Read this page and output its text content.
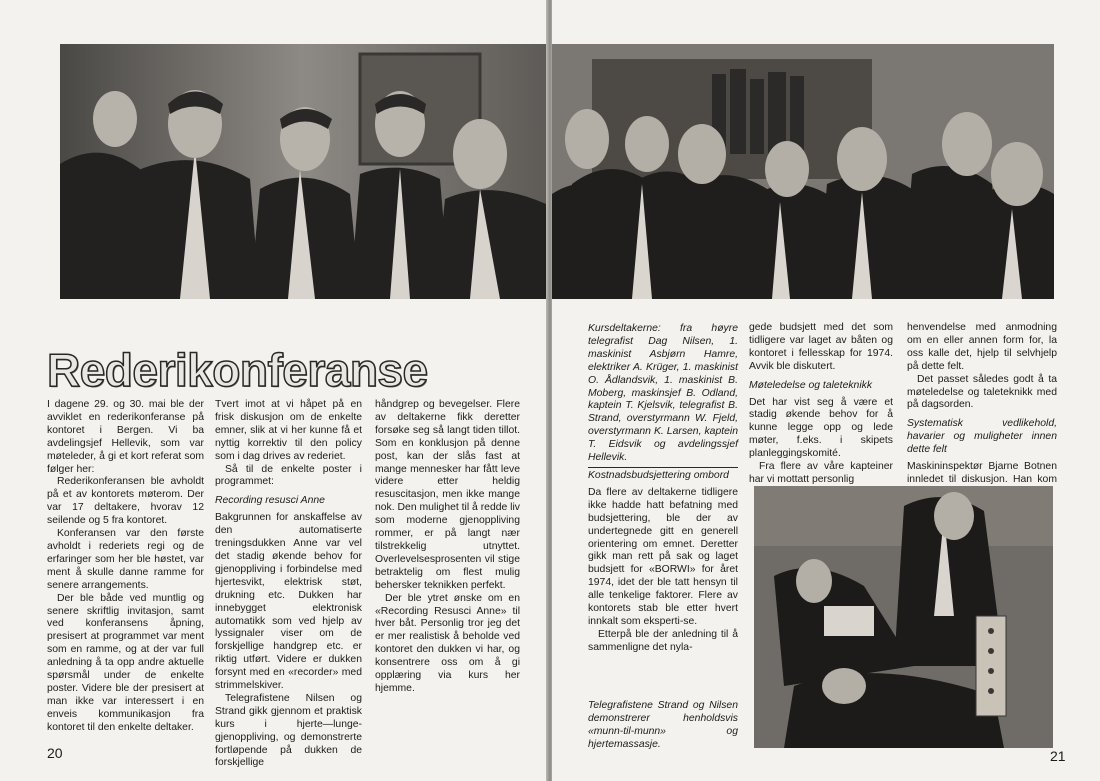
Rederikonferanse

I dagene 29. og 30. mai ble der avviklet en rederikonferanse på kontoret i Bergen. Vi ba avdelingsjef Hellevik, som var møteleder, å gi et kort referat som følger her:

Rederikonferansen ble avholdt på et av kontorets møterom. Der var 17 deltakere, hvorav 12 seilende og 5 fra kontoret.

Konferansen var den første avholdt i rederiets regi og de erfaringer som her ble høstet, var ment å skulle danne ramme for senere arrangements.

Der ble både ved muntlig og senere skriftlig invitasjon, samt ved konferansens åpning, presisert at programmet var ment som en ramme, og at der var full anledning å ta opp andre aktuelle spørsmål under de enkelte poster. Videre ble der presisert at man ikke var interessert i en enveis kommunikasjon fra kontoret til den enkelte deltaker.

Tvert imot at vi håpet på en frisk diskusjon om de enkelte emner, slik at vi her kunne få et nyttig korrektiv til den policy som i dag drives av rederiet.

Så til de enkelte poster i programmet:

Recording resusci Anne

Bakgrunnen for anskaffelse av den automatiserte treningsdukken Anne var vel det stadig økende behov for gjenoppliving i forbindelse med hjertesvikt, elektrisk støt, drukning etc. Dukken har innebygget elektronisk automatikk som ved hjelp av lyssignaler viser om de forskjellige handgrep etc. er riktig utført. Videre er dukken forsynt med en «recorder» med strimmelskiver.

Telegrafistene Nilsen og Strand gikk gjennom et praktisk kurs i hjerte—lunge-gjenoppliving, og demonstrerte fortløpende på dukken de forskjellige

håndgrep og bevegelser. Flere av deltakerne fikk deretter forsøke seg så langt tiden tillot. Som en konklusjon på denne post, kan der slås fast at mange mennesker har fått leve videre etter heldig resuscitasjon, men ikke mange nok. Den mulighet til å redde liv som moderne gjenoppliving rommer, er på langt nær tilstrekkelig utnyttet. Overlevelsesprosenten vil stige betraktelig om flest mulig behersker teknikken perfekt.

Der ble ytret ønske om en «Recording Resusci Anne» til hver båt. Personlig tror jeg det er mer realistisk å beholde ved kontoret den dukken vi har, og konsentrere oss om å gi opplæring via kurs her hjemme.

20
Kursdeltakerne: fra høyre telegrafist Dag Nilsen, 1. maskinist Asbjørn Hamre, elektriker A. Krüger, 1. maskinist O. Ådlandsvik, 1. maskinist B. Moberg, maskinsjef B. Odland, kaptein T. Kjelsvik, telegrafist B. Strand, overstyrmann W. Fjeld, overstyrmann K. Larsen, kaptein T. Eidsvik og avdelingssjef Hellevik.

Kostnadsbudsjettering ombord

Da flere av deltakerne tidligere ikke hadde hatt befatning med budsjettering, ble der av undertegnede gitt en generell orientering om emnet. Deretter gikk man rett på sak og laget budsjett for «BORWI» for året 1974, idet der ble tatt hensyn til alle tenkelige faktorer. Flere av kontorets stab ble etter hvert innkalt som eksperti-se.

Etterpå ble der anledning til å sammenligne det nyla-

gede budsjett med det som tidligere var laget av båten og kontoret i fellesskap for 1974. Avvik ble diskutert.

Møteledelse og taleteknikk

Det har vist seg å være et stadig økende behov for å kunne legge opp og lede møter, f.eks. i skipets planleggingskomité.

Fra flere av våre kapteiner har vi mottatt personlig

henvendelse med anmodning om en eller annen form for, la oss kalle det, hjelp til selvhjelp på dette felt.

Det passet således godt å ta møteledelse og taleteknikk med på dagsorden.

Systematisk vedlikehold, havarier og muligheter innen dette felt

Maskininspektør Bjarne Botnen innledet til diskusjon. Han kom

Telegrafistene Strand og Nilsen demonstrerer henholdsvis «munn-til-munn» og hjertemassasje.
21
